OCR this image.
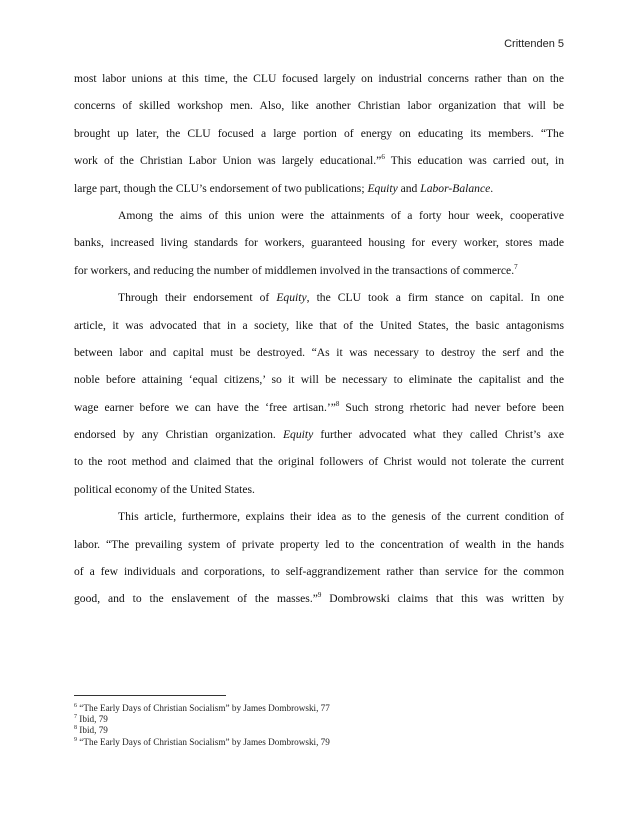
Crittenden 5
most labor unions at this time, the CLU focused largely on industrial concerns rather than on the
concerns of skilled workshop men. Also, like another Christian labor organization that will be
brought up later, the CLU focused a large portion of energy on educating its members. “The
work of the Christian Labor Union was largely educational.”$^6$ This education was carried out, in
large part, though the CLU’s endorsement of two publications; Equity and Labor-Balance.
Among the aims of this union were the attainments of a forty hour week, cooperative
banks, increased living standards for workers, guaranteed housing for every worker, stores made
for workers, and reducing the number of middlemen involved in the transactions of commerce.$^7$
Through their endorsement of Equity, the CLU took a firm stance on capital. In one
article, it was advocated that in a society, like that of the United States, the basic antagonisms
between labor and capital must be destroyed. “As it was necessary to destroy the serf and the
noble before attaining ‘equal citizens,’ so it will be necessary to eliminate the capitalist and the
wage earner before we can have the ‘free artisan.’”$^8$ Such strong rhetoric had never before been
endorsed by any Christian organization. Equity further advocated what they called Christ’s axe
to the root method and claimed that the original followers of Christ would not tolerate the current
political economy of the United States.
This article, furthermore, explains their idea as to the genesis of the current condition of
labor. “The prevailing system of private property led to the concentration of wealth in the hands
of a few individuals and corporations, to self-aggrandizement rather than service for the common
good, and to the enslavement of the masses.”$^9$ Dombrowski claims that this was written by
$^6$ “The Early Days of Christian Socialism” by James Dombrowski, 77
$^7$ Ibid, 79
$^8$ Ibid, 79
$^9$ “The Early Days of Christian Socialism” by James Dombrowski, 79
